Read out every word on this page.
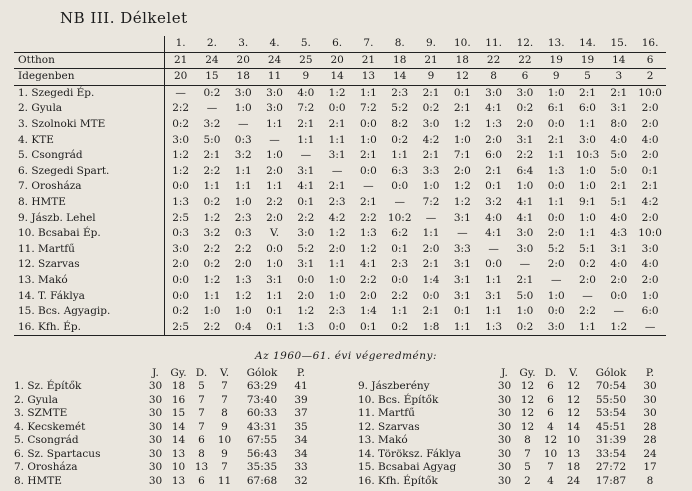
NB III. Délkelet
	1.	2.	3.	4.	5.	6.	7.	8.	9.	10.	11.	12.	13.	14.	15.	16.
Otthon	21	24	20	24	25	20	21	18	21	18	22	22	19	19	14	6
Idegenben	20	15	18	11	9	14	13	14	9	12	8	6	9	5	3	2
1. Szegedi Ép.	—	0:2	3:0	3:0	4:0	1:2	1:1	2:3	2:1	0:1	3:0	3:0	1:0	2:1	2:1	10:0
2. Gyula	2:2	—	1:0	3:0	7:2	0:0	7:2	5:2	0:2	2:1	4:1	0:2	6:1	6:0	3:1	2:0
3. Szolnoki MTE	0:2	3:2	—	1:1	2:1	2:1	0:0	8:2	3:0	1:2	1:3	2:0	0:0	1:1	8:0	2:0
4. KTE	3:0	5:0	0:3	—	1:1	1:1	1:0	0:2	4:2	1:0	2:0	3:1	2:1	3:0	4:0	4:0
5. Csongrád	1:2	2:1	3:2	1:0	—	3:1	2:1	1:1	2:1	7:1	6:0	2:2	1:1	10:3	5:0	2:0
6. Szegedi Spart.	1:2	2:2	1:1	2:0	3:1	—	0:0	6:3	3:3	2:0	2:1	6:4	1:3	1:0	5:0	0:1
7. Orosháza	0:0	1:1	1:1	1:1	4:1	2:1	—	0:0	1:0	1:2	0:1	1:0	0:0	1:0	2:1	2:1
8. HMTE	1:3	0:2	1:0	2:2	0:1	2:3	2:1	—	7:2	1:2	3:2	4:1	1:1	9:1	5:1	4:2
9. Jászb. Lehel	2:5	1:2	2:3	2:0	2:2	4:2	2:2	10:2	—	3:1	4:0	4:1	0:0	1:0	4:0	2:0
10. Bcsabai Ép.	0:3	3:2	0:3	V.	3:0	1:2	1:3	6:2	1:1	—	4:1	3:0	2:0	1:1	4:3	10:0
11. Martfű	3:0	2:2	2:2	0:0	5:2	2:0	1:2	0:1	2:0	3:3	—	3:0	5:2	5:1	3:1	3:0
12. Szarvas	2:0	0:2	2:0	1:0	3:1	1:1	4:1	2:3	2:1	3:1	0:0	—	2:0	0:2	4:0	4:0
13. Makó	0:0	1:2	1:3	3:1	0:0	1:0	2:2	0:0	1:4	3:1	1:1	2:1	—	2:0	2:0	2:0
14. T. Fáklya	0:0	1:1	1:2	1:1	2:0	1:0	2:0	2:2	0:0	3:1	3:1	5:0	1:0	—	0:0	1:0
15. Bcs. Agyagip.	0:2	1:0	1:0	0:1	1:2	2:3	1:4	1:1	2:1	0:1	1:1	1:0	0:0	2:2	—	6:0
16. Kfh. Ép.	2:5	2:2	0:4	0:1	1:3	0:0	0:1	0:2	1:8	1:1	1:3	0:2	3:0	1:1	1:2	—
Az 1960—61. évi végeredmény:
	J.	Gy.	D.	V.	Gólok	P.
1. Sz. Építők	30	18	5	7	63:29	41
2. Gyula	30	16	7	7	73:40	39
3. SZMTE	30	15	7	8	60:33	37
4. Kecskemét	30	14	7	9	43:31	35
5. Csongrád	30	14	6	10	67:55	34
6. Sz. Spartacus	30	13	8	9	56:43	34
7. Orosháza	30	10	13	7	35:35	33
8. HMTE	30	13	6	11	67:68	32
	J.	Gy.	D.	V.	Gólok	P.
9. Jászberény	30	12	6	12	70:54	30
10. Bcs. Építők	30	12	6	12	55:50	30
11. Martfű	30	12	6	12	53:54	30
12. Szarvas	30	12	4	14	45:51	28
13. Makó	30	8	12	10	31:39	28
14. Töröksz. Fáklya	30	7	10	13	33:54	24
15. Bcsabai Agyag	30	5	7	18	27:72	17
16. Kfh. Építők	30	2	4	24	17:87	8
